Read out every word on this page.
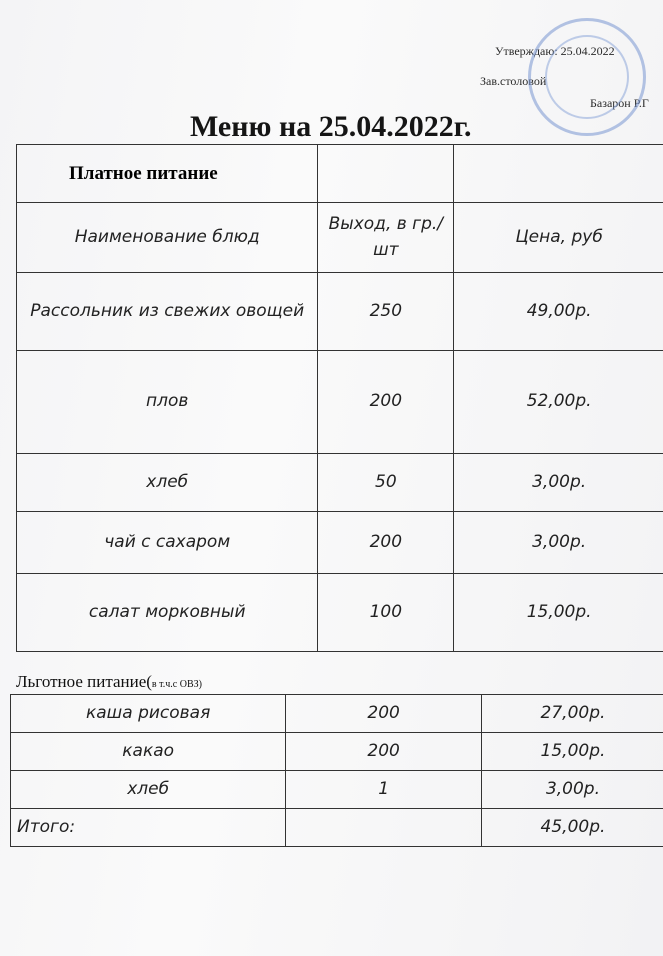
Утверждаю: 25.04.2022
Зав.столовой
Базарон Р.Г
Меню на 25.04.2022г.
Платное питание		
Наименование блюд	Выход, в гр./шт	Цена, руб
Рассольник из свежих овощей	250	49,00р.
плов	200	52,00р.
хлеб	50	3,00р.
чай с сахаром	200	3,00р.
салат морковный	100	15,00р.
Льготное питание(в т.ч.с ОВЗ)
каша рисовая	200	27,00р.
какао	200	15,00р.
хлеб	1	3,00р.
Итого:		45,00р.
